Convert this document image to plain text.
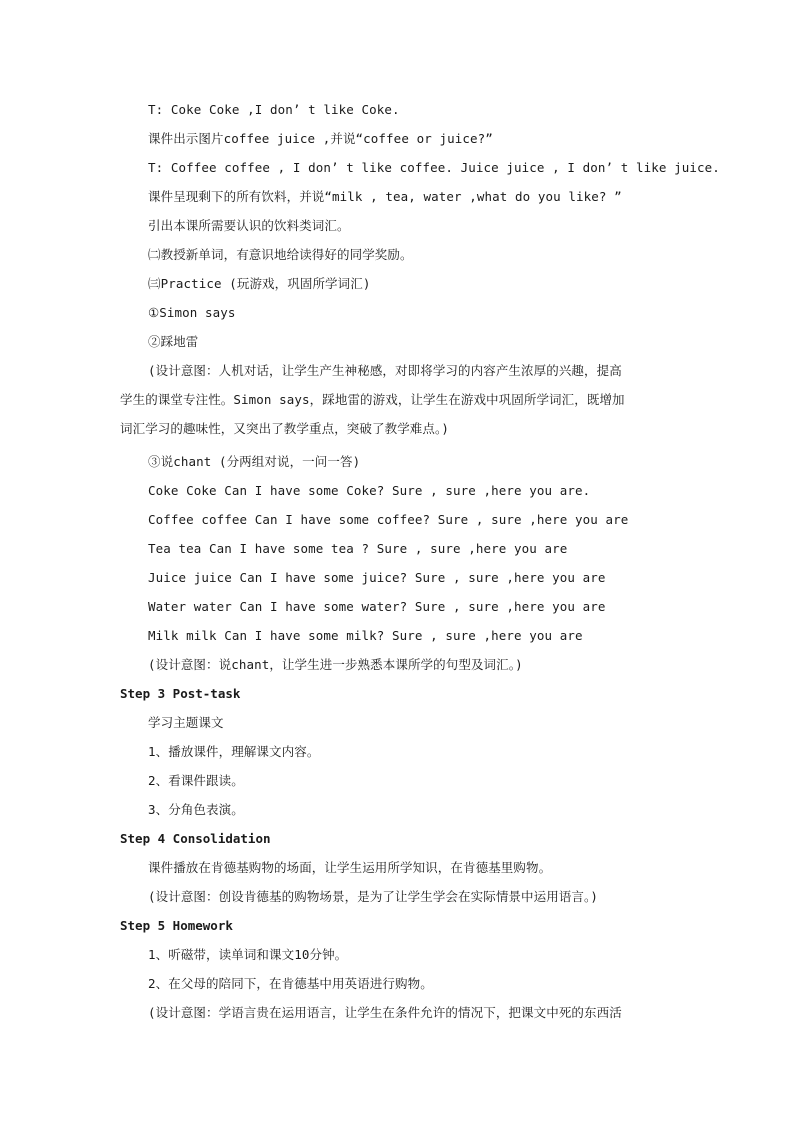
T: Coke Coke ,I don’ t like Coke.
课件出示图片coffee juice ,并说“coffee or juice?”
T: Coffee coffee , I don’ t like coffee. Juice juice , I don’ t like juice.
课件呈现剩下的所有饮料，并说“milk , tea, water ,what do you like? ”
引出本课所需要认识的饮料类词汇。
㈡教授新单词，有意识地给读得好的同学奖励。
㈢Practice (玩游戏，巩固所学词汇)
①Simon says
②踩地雷
(设计意图：人机对话，让学生产生神秘感，对即将学习的内容产生浓厚的兴趣，提高
学生的课堂专注性。Simon says，踩地雷的游戏，让学生在游戏中巩固所学词汇，既增加
词汇学习的趣味性，又突出了教学重点，突破了教学难点。)
③说chant (分两组对说，一问一答)
Coke Coke Can I have some Coke? Sure , sure ,here you are.
Coffee coffee Can I have some coffee? Sure , sure ,here you are
Tea tea Can I have some tea ? Sure , sure ,here you are
Juice juice Can I have some juice? Sure , sure ,here you are
Water water Can I have some water? Sure , sure ,here you are
Milk milk Can I have some milk? Sure , sure ,here you are
(设计意图：说chant，让学生进一步熟悉本课所学的句型及词汇。)
Step 3 Post-task
学习主题课文
1、播放课件，理解课文内容。
2、看课件跟读。
3、分角色表演。
Step 4 Consolidation
课件播放在肯德基购物的场面，让学生运用所学知识，在肯德基里购物。
(设计意图：创设肯德基的购物场景，是为了让学生学会在实际情景中运用语言。)
Step 5 Homework
1、听磁带，读单词和课文10分钟。
2、在父母的陪同下，在肯德基中用英语进行购物。
(设计意图：学语言贵在运用语言，让学生在条件允许的情况下，把课文中死的东西活
